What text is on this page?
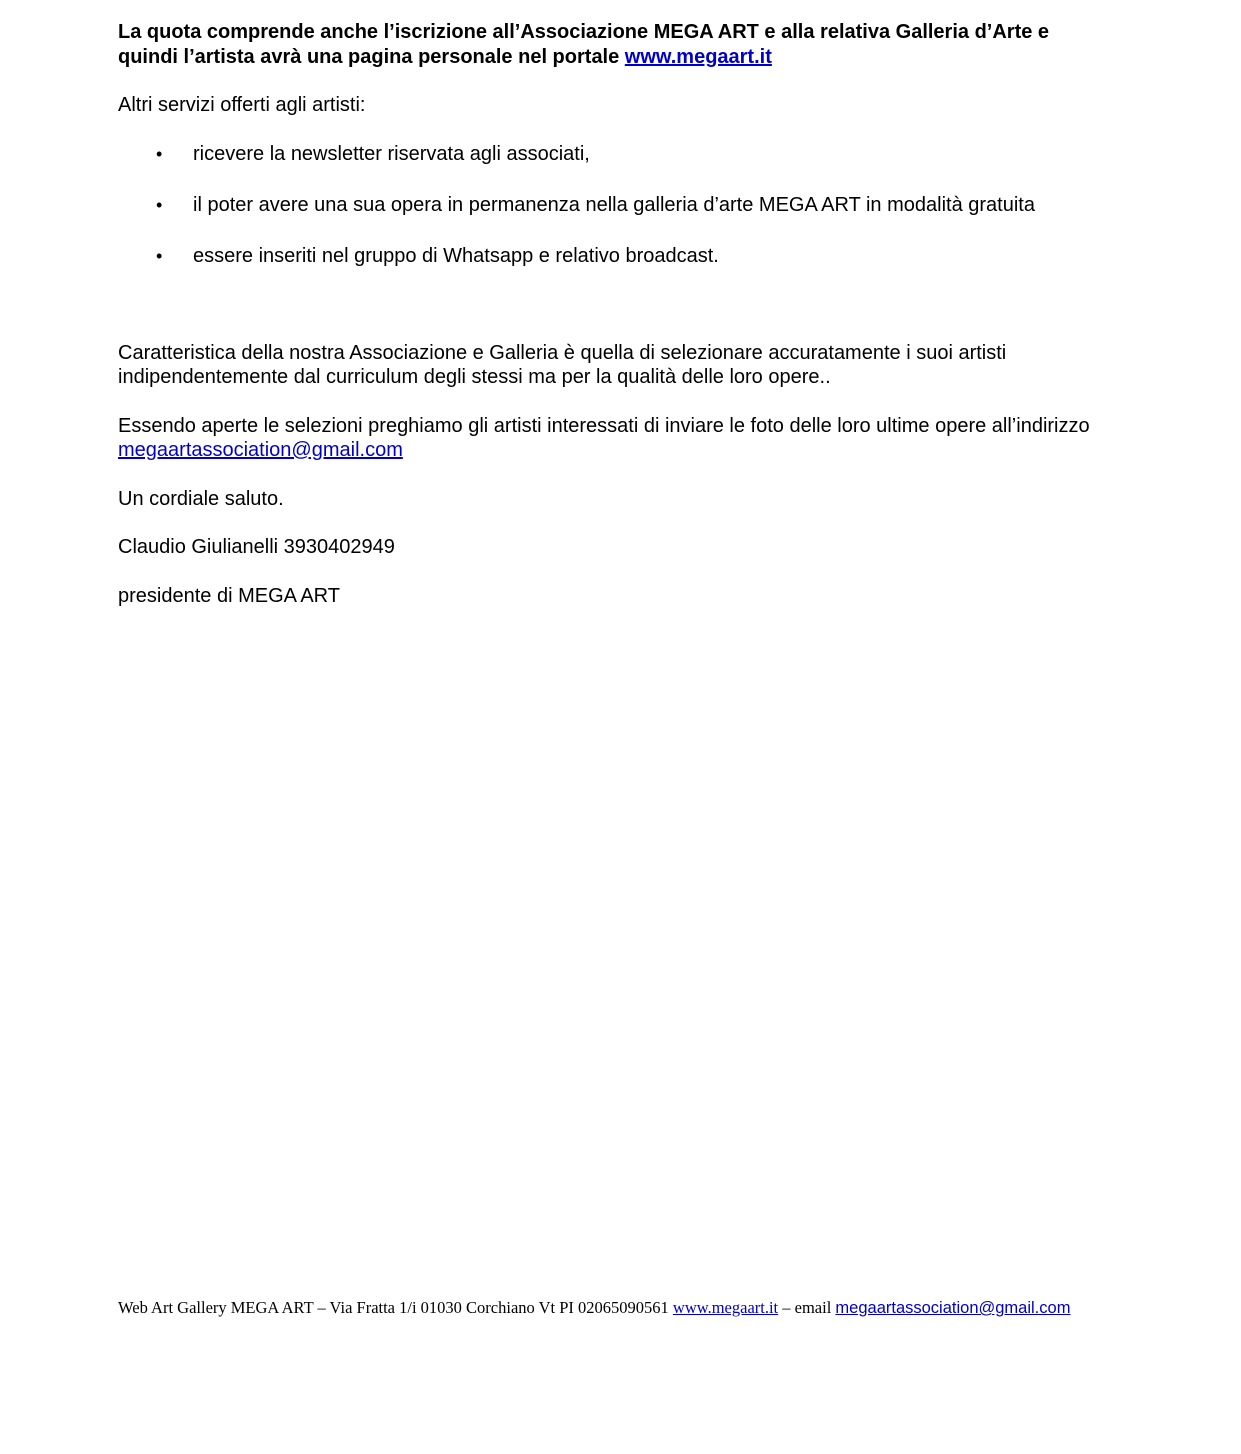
La quota comprende anche l’iscrizione all’Associazione MEGA ART e alla relativa Galleria d’Arte e quindi l’artista avrà una pagina personale nel portale www.megaart.it

Altri servizi offerti agli artisti:

• ricevere la newsletter riservata agli associati,
• il poter avere una sua opera in permanenza nella galleria d’arte MEGA ART in modalità gratuita
• essere inseriti nel gruppo di Whatsapp e relativo broadcast.

Caratteristica della nostra Associazione e Galleria è quella di selezionare accuratamente i suoi artisti indipendentemente dal curriculum degli stessi ma per la qualità delle loro opere..

Essendo aperte le selezioni preghiamo gli artisti interessati di inviare le foto delle loro ultime opere all’indirizzo megaartassociation@gmail.com

Un cordiale saluto.

Claudio Giulianelli 3930402949

presidente di MEGA ART

Web Art Gallery MEGA ART – Via Fratta 1/i 01030 Corchiano Vt PI 02065090561 www.megaart.it – email megaartassociation@gmail.com
